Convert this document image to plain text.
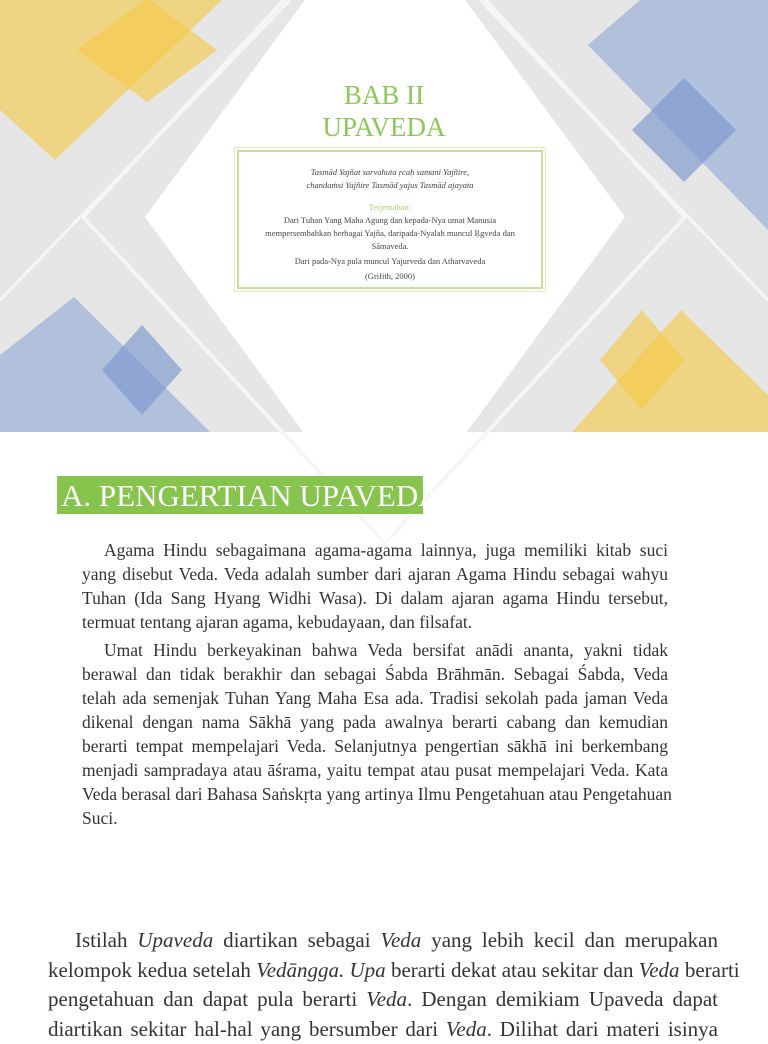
BAB II
UPAVEDA
Tasmād Yajñat sarvahuta ṛcaḥ samani Yajñire,
chandaṁsi Yajñire Tasmād yajus Tasmād ajayata
Terjemahan:
Dari Tuhan Yang Maha Agung dan kepada-Nya umat Manusia mempersembahkan berbagai Yajña, daripada-Nyalah muncul Ṛgveda dan Sāmaveda.
Dari pada-Nya pula muncul Yajurveda dan Atharvaveda
(Grifith, 2000)
A. PENGERTIAN UPAVEDA
Agama Hindu sebagaimana agama-agama lainnya, juga memiliki kitab suci
yang disebut Veda. Veda adalah sumber dari ajaran Agama Hindu sebagai wahyu
Tuhan (Ida Sang Hyang Widhi Wasa). Di dalam ajaran agama Hindu tersebut,
termuat tentang ajaran agama, kebudayaan, dan filsafat.
Umat Hindu berkeyakinan bahwa Veda bersifat anādi ananta, yakni tidak
berawal dan tidak berakhir dan sebagai Śabda Brāhmān. Sebagai Śabda, Veda
telah ada semenjak Tuhan Yang Maha Esa ada. Tradisi sekolah pada jaman Veda
dikenal dengan nama Sākhā yang pada awalnya berarti cabang dan kemudian
berarti tempat mempelajari Veda. Selanjutnya pengertian sākhā ini berkembang
menjadi sampradaya atau āśrama, yaitu tempat atau pusat mempelajari Veda. Kata
Veda berasal dari Bahasa Saṅskṛta yang artinya Ilmu Pengetahuan atau Pengetahuan
Suci.
Istilah Upaveda diartikan sebagai Veda yang lebih kecil dan merupakan
kelompok kedua setelah Vedāngga. Upa berarti dekat atau sekitar dan Veda berarti
pengetahuan dan dapat pula berarti Veda. Dengan demikiam Upaveda dapat
diartikan sekitar hal-hal yang bersumber dari Veda. Dilihat dari materi isinya
